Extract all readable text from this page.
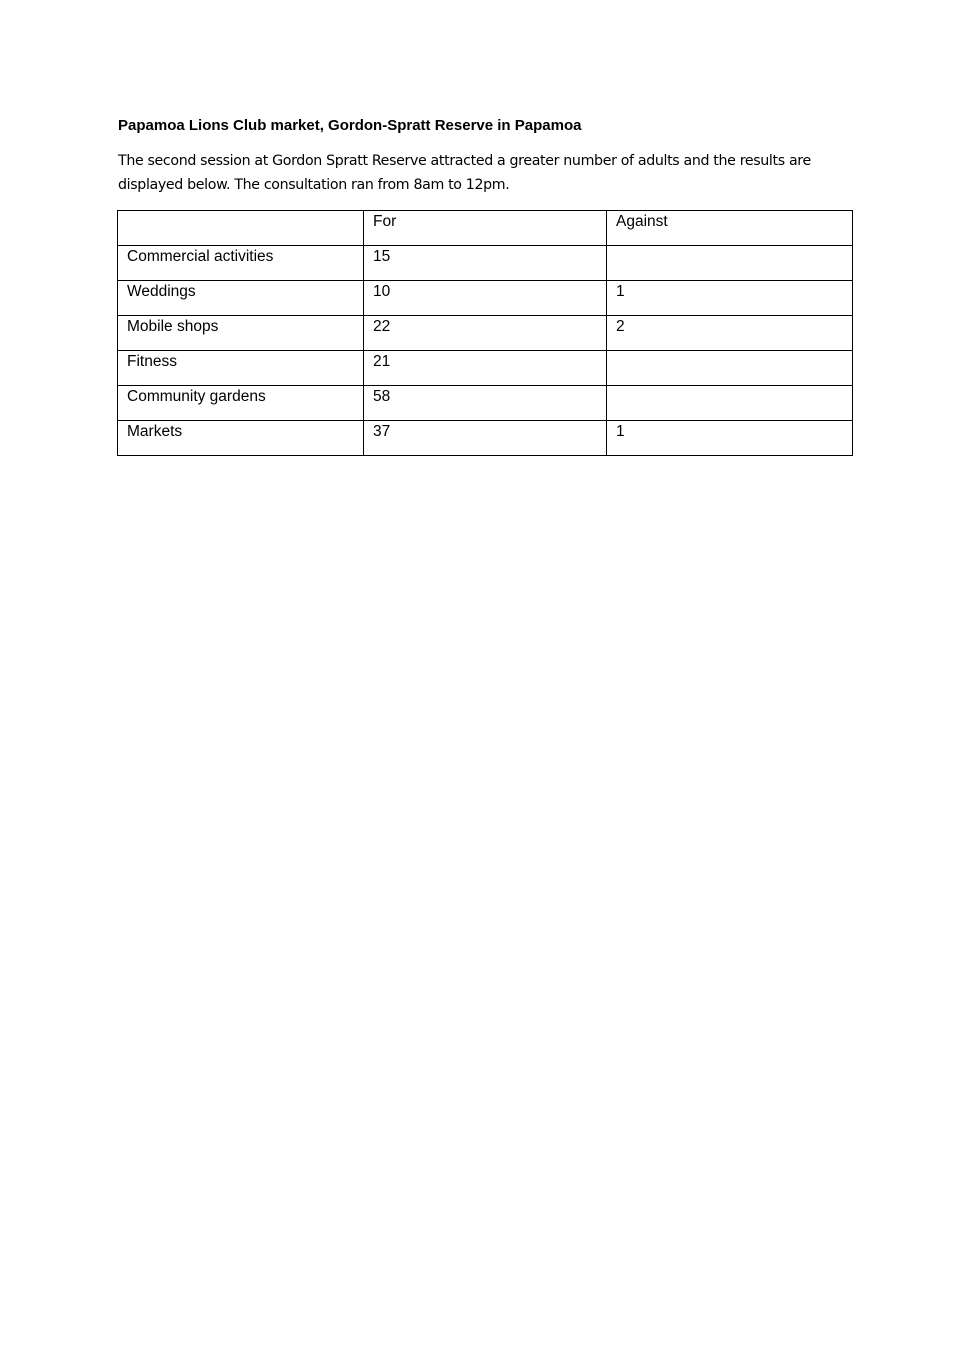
Papamoa Lions Club market, Gordon-Spratt Reserve in Papamoa
The second session at Gordon Spratt Reserve attracted a greater number of adults and the results are displayed below. The consultation ran from 8am to 12pm.
	For	Against
Commercial activities	15	
Weddings	10	1
Mobile shops	22	2
Fitness	21	
Community gardens	58	
Markets	37	1
